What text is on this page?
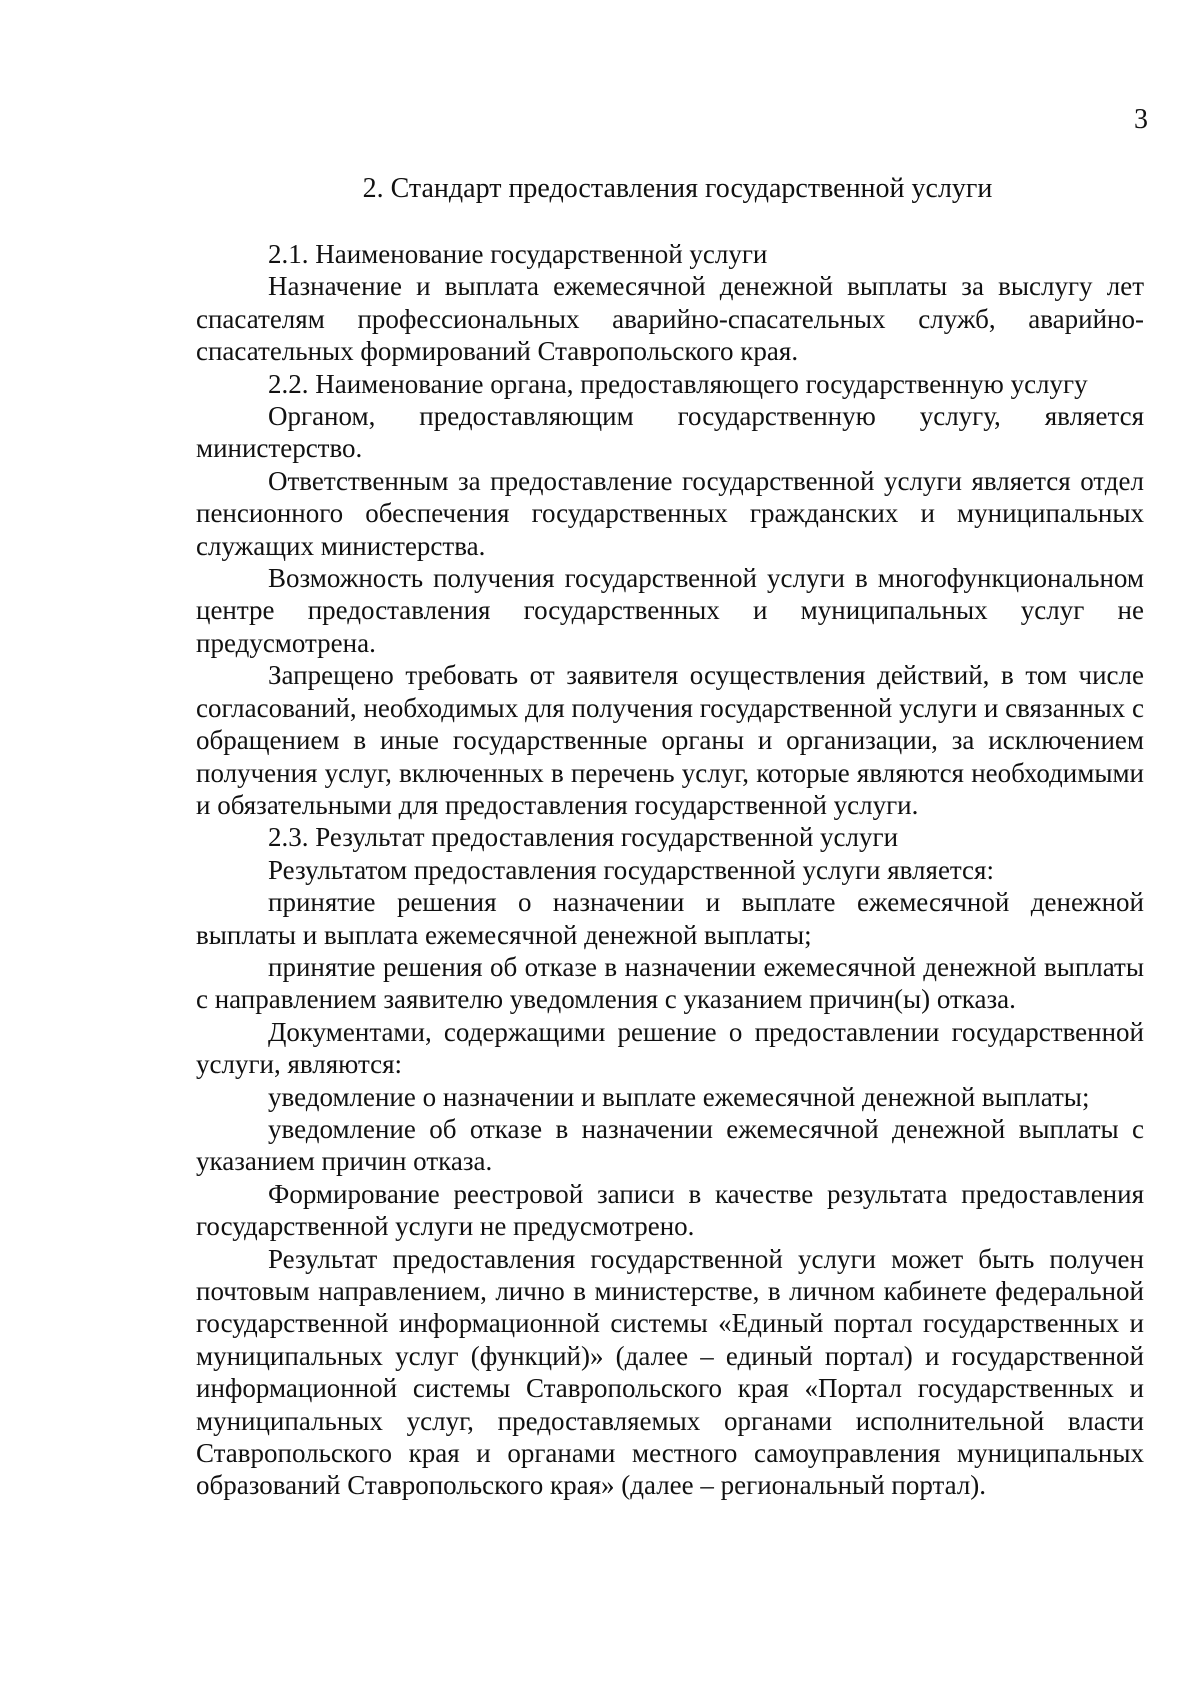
3
2. Стандарт предоставления государственной услуги

2.1. Наименование государственной услуги

Назначение и выплата ежемесячной денежной выплаты за выслугу лет спасателям профессиональных аварийно-спасательных служб, аварийно-спасательных формирований Ставропольского края.

2.2. Наименование органа, предоставляющего государственную услугу

Органом, предоставляющим государственную услугу, является министерство.

Ответственным за предоставление государственной услуги является отдел пенсионного обеспечения государственных гражданских и муниципальных служащих министерства.

Возможность получения государственной услуги в многофункциональном центре предоставления государственных и муниципальных услуг не предусмотрена.

Запрещено требовать от заявителя осуществления действий, в том числе согласований, необходимых для получения государственной услуги и связанных с обращением в иные государственные органы и организации, за исключением получения услуг, включенных в перечень услуг, которые являются необходимыми и обязательными для предоставления государственной услуги.

2.3. Результат предоставления государственной услуги

Результатом предоставления государственной услуги является:

принятие решения о назначении и выплате ежемесячной денежной выплаты и выплата ежемесячной денежной выплаты;

принятие решения об отказе в назначении ежемесячной денежной выплаты с направлением заявителю уведомления с указанием причин(ы) отказа.

Документами, содержащими решение о предоставлении государственной услуги, являются:

уведомление о назначении и выплате ежемесячной денежной выплаты;

уведомление об отказе в назначении ежемесячной денежной выплаты с указанием причин отказа.

Формирование реестровой записи в качестве результата предоставления государственной услуги не предусмотрено.

Результат предоставления государственной услуги может быть получен почтовым направлением, лично в министерстве, в личном кабинете федеральной государственной информационной системы «Единый портал государственных и муниципальных услуг (функций)» (далее – единый портал) и государственной информационной системы Ставропольского края «Портал государственных и муниципальных услуг, предоставляемых органами исполнительной власти Ставропольского края и органами местного самоуправления муниципальных образований Ставропольского края» (далее – региональный портал).
